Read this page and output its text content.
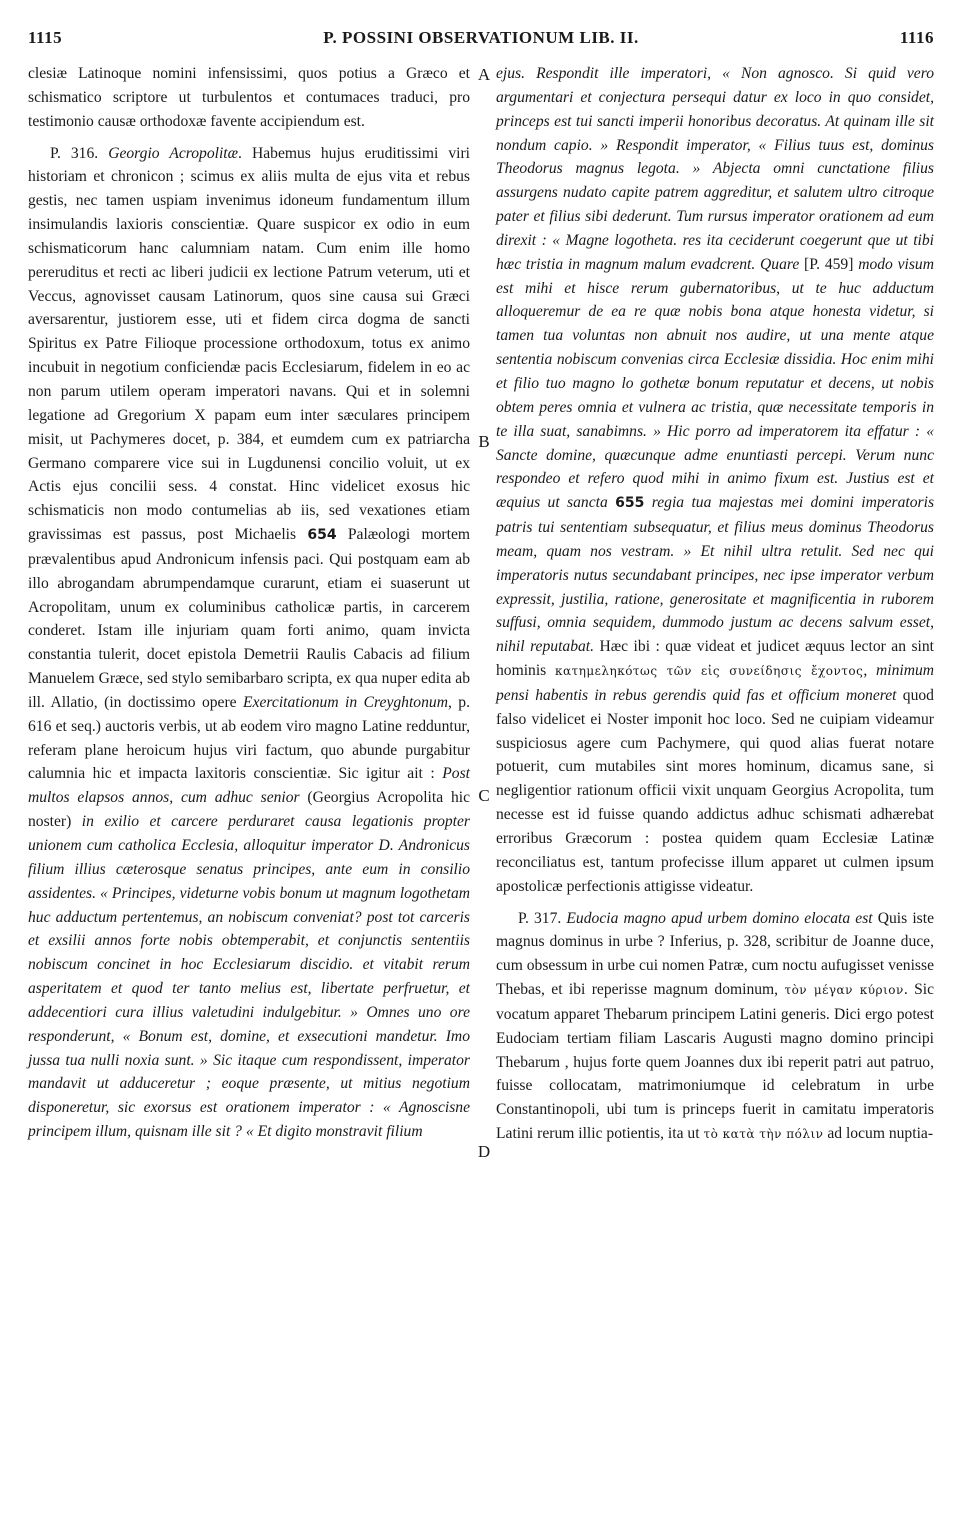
1115	P. POSSINI OBSERVATIONUM LIB. II.	1116
A
B
C
D

clesiæ Latinoque nomini infensissimi, quos potius a Græco et schismatico scriptore ut turbulentos et contumaces traduci, pro testimonio causæ orthodoxæ favente accipiendum est.

P. 316. Georgio Acropolitæ. Habemus hujus eruditissimi viri historiam et chronicon ; scimus ex aliis multa de ejus vita et rebus gestis, nec tamen uspiam invenimus idoneum fundamentum illum insimulandis laxioris conscientiæ. Quare suspicor ex odio in eum schismaticorum hanc calumniam natam. Cum enim ille homo pereruditus et recti ac liberi judicii ex lectione Patrum veterum, uti et Veccus, agnovisset causam Latinorum, quos sine causa sui Græci aversarentur, justiorem esse, uti et fidem circa dogma de sancti Spiritus ex Patre Filioque processione orthodoxum, totus ex animo incubuit in negotium conficiendæ pacis Ecclesiarum, fidelem in eo ac non parum utilem operam imperatori navans. Qui et in solemni legatione ad Gregorium X papam eum inter sæculares principem misit, ut Pachymeres docet, p. 384, et eumdem cum ex patriarcha Germano comparere vice sui in Lugdunensi concilio voluit, ut ex Actis ejus concilii sess. 4 constat. Hinc videlicet exosus hic schismaticis non modo contumelias ab iis, sed vexationes etiam gravissimas est passus, post Michaelis 654 Palæologi mortem prævalentibus apud Andronicum infensis paci. Qui postquam eam ab illo abrogandam abrumpendamque curarunt, etiam ei suaserunt ut Acropolitam, unum ex columinibus catholicæ partis, in carcerem conderet. Istam ille injuriam quam forti animo, quam invicta constantia tulerit, docet epistola Demetrii Raulis Cabacis ad filium Manuelem Græce, sed stylo semibarbaro scripta, ex qua nuper edita ab ill. Allatio, (in doctissimo opere Exercitationum in Creyghtonum, p. 616 et seq.) auctoris verbis, ut ab eodem viro magno Latine redduntur, referam plane heroicum hujus viri factum, quo abunde purgabitur calumnia hic et impacta laxitoris conscientiæ. Sic igitur ait : Post multos elapsos annos, cum adhuc senior (Georgius Acropolita hic noster) in exilio et carcere perduraret causa legationis propter unionem cum catholica Ecclesia, alloquitur imperator D. Andronicus filium illius cæterosque senatus principes, ante eum in consilio assidentes. « Principes, videturne vobis bonum ut magnum logothetam huc adductum pertentemus, an nobiscum conveniat? post tot carceris et exsilii annos forte nobis obtemperabit, et conjunctis sententiis nobiscum concinet in hoc Ecclesiarum discidio. et vitabit rerum asperitatem et quod ter tanto melius est, libertate perfruetur, et addecentiori cura illius valetudini indulgebitur. » Omnes uno ore responderunt, « Bonum est, domine, et exsecutioni mandetur. Imo jussa tua nulli noxia sunt. » Sic itaque cum respondissent, imperator mandavit ut adduceretur ; eoque præsente, ut mitius negotium disponeretur, sic exorsus est orationem imperator : « Agnoscisne principem illum, quisnam ille sit ? « Et digito monstravit filium

ejus. Respondit ille imperatori, « Non agnosco. Si quid vero argumentari et conjectura persequi datur ex loco in quo considet, princeps est tui sancti imperii honoribus decoratus. At quinam ille sit nondum capio. » Respondit imperator, « Filius tuus est, dominus Theodorus magnus legota. » Abjecta omni cunctatione filius assurgens nudato capite patrem aggreditur, et salutem ultro citroque pater et filius sibi dederunt. Tum rursus imperator orationem ad eum direxit : « Magne logotheta. res ita ceciderunt coegerunt que ut tibi hæc tristia in magnum malum evadcrent. Quare [P. 459] modo visum est mihi et hisce rerum gubernatoribus, ut te huc adductum alloqueremur de ea re quæ nobis bona atque honesta videtur, si tamen tua voluntas non abnuit nos audire, ut una mente atque sententia nobiscum convenias circa Ecclesiæ dissidia. Hoc enim mihi et filio tuo magno lo gothetæ bonum reputatur et decens, ut nobis obtem peres omnia et vulnera ac tristia, quæ necessitate temporis in te illa suat, sanabimns. » Hic porro ad imperatorem ita effatur : « Sancte domine, quæcunque adme enuntiasti percepi. Verum nunc respondeo et refero quod mihi in animo fixum est. Justius est et æquius ut sancta 655 regia tua majestas mei domini imperatoris patris tui sententiam subsequatur, et filius meus dominus Theodorus meam, quam nos vestram. » Et nihil ultra retulit. Sed nec qui imperatoris nutus secundabant principes, nec ipse imperator verbum expressit, justilia, ratione, generositate et magnificentia in ruborem suffusi, omnia sequidem, dummodo justum ac decens salvum esset, nihil reputabat. Hæc ibi : quæ videat et judicet æquus lector an sint hominis κατημεληκότως τῶν εἰς συνείδησις ἔχοντος, minimum pensi habentis in rebus gerendis quid fas et officium moneret quod falso videlicet ei Noster imponit hoc loco. Sed ne cuipiam videamur suspiciosus agere cum Pachymere, qui quod alias fuerat notare potuerit, cum mutabiles sint mores hominum, dicamus sane, si negligentior rationum officii vixit unquam Georgius Acropolita, tum necesse est id fuisse quando addictus adhuc schismati adhærebat erroribus Græcorum : postea quidem quam Ecclesiæ Latinæ reconciliatus est, tantum profecisse illum apparet ut culmen ipsum apostolicæ perfectionis attigisse videatur.

P. 317. Eudocia magno apud urbem domino elocata est Quis iste magnus dominus in urbe ? Inferius, p. 328, scribitur de Joanne duce, cum obsessum in urbe cui nomen Patræ, cum noctu aufugisset venisse Thebas, et ibi reperisse magnum dominum, τὸν μέγαν κύριον. Sic vocatum apparet Thebarum principem Latini generis. Dici ergo potest Eudociam tertiam filiam Lascaris Augusti magno domino principi Thebarum , hujus forte quem Joannes dux ibi reperit patri aut patruo, fuisse collocatam, matrimoniumque id celebratum in urbe Constantinopoli, ubi tum is princeps fuerit in camitatu imperatoris Latini rerum illic potientis, ita ut τὸ κατὰ τὴν πόλιν ad locum nuptia-
